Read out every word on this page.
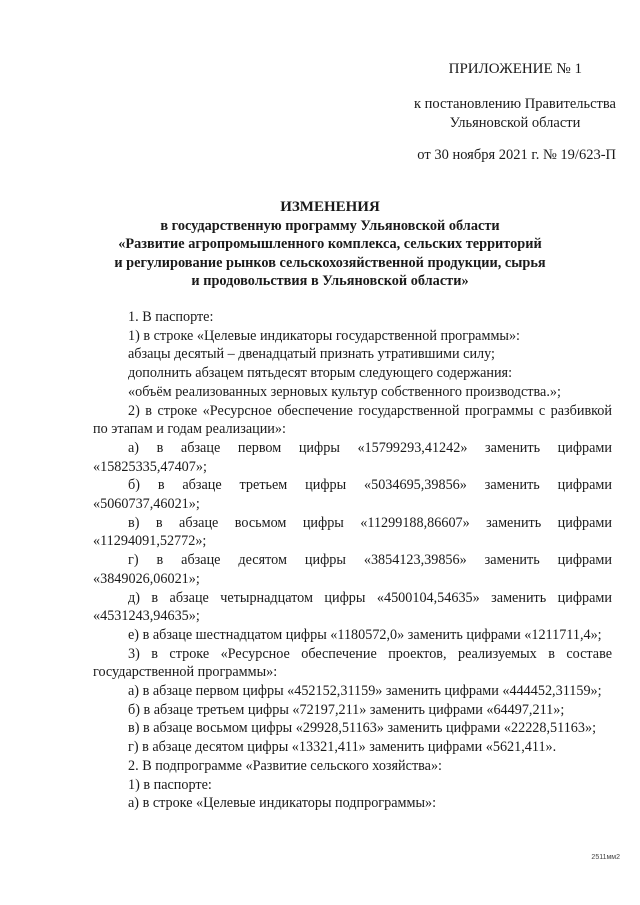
ПРИЛОЖЕНИЕ № 1
к постановлению Правительства
Ульяновской области
от 30 ноября 2021 г. № 19/623-П
ИЗМЕНЕНИЯ
в государственную программу Ульяновской области
«Развитие агропромышленного комплекса, сельских территорий
и регулирование рынков сельскохозяйственной продукции, сырья
и продовольствия в Ульяновской области»
1. В паспорте:
1) в строке «Целевые индикаторы государственной программы»:
абзацы десятый – двенадцатый признать утратившими силу;
дополнить абзацем пятьдесят вторым следующего содержания:
«объём реализованных зерновых культур собственного производства.»;
2) в строке «Ресурсное обеспечение государственной программы с разбивкой по этапам и годам реализации»:
а) в абзаце первом цифры «15799293,41242» заменить цифрами «15825335,47407»;
б) в абзаце третьем цифры «5034695,39856» заменить цифрами «5060737,46021»;
в) в абзаце восьмом цифры «11299188,86607» заменить цифрами «11294091,52772»;
г) в абзаце десятом цифры «3854123,39856» заменить цифрами «3849026,06021»;
д) в абзаце четырнадцатом цифры «4500104,54635» заменить цифрами «4531243,94635»;
е) в абзаце шестнадцатом цифры «1180572,0» заменить цифрами «1211711,4»;
3) в строке «Ресурсное обеспечение проектов, реализуемых в составе государственной программы»:
а) в абзаце первом цифры «452152,31159» заменить цифрами «444452,31159»;
б) в абзаце третьем цифры «72197,211» заменить цифрами «64497,211»;
в) в абзаце восьмом цифры «29928,51163» заменить цифрами «22228,51163»;
г) в абзаце десятом цифры «13321,411» заменить цифрами «5621,411».
2. В подпрограмме «Развитие сельского хозяйства»:
1) в паспорте:
а) в строке «Целевые индикаторы подпрограммы»:
2511мм2
